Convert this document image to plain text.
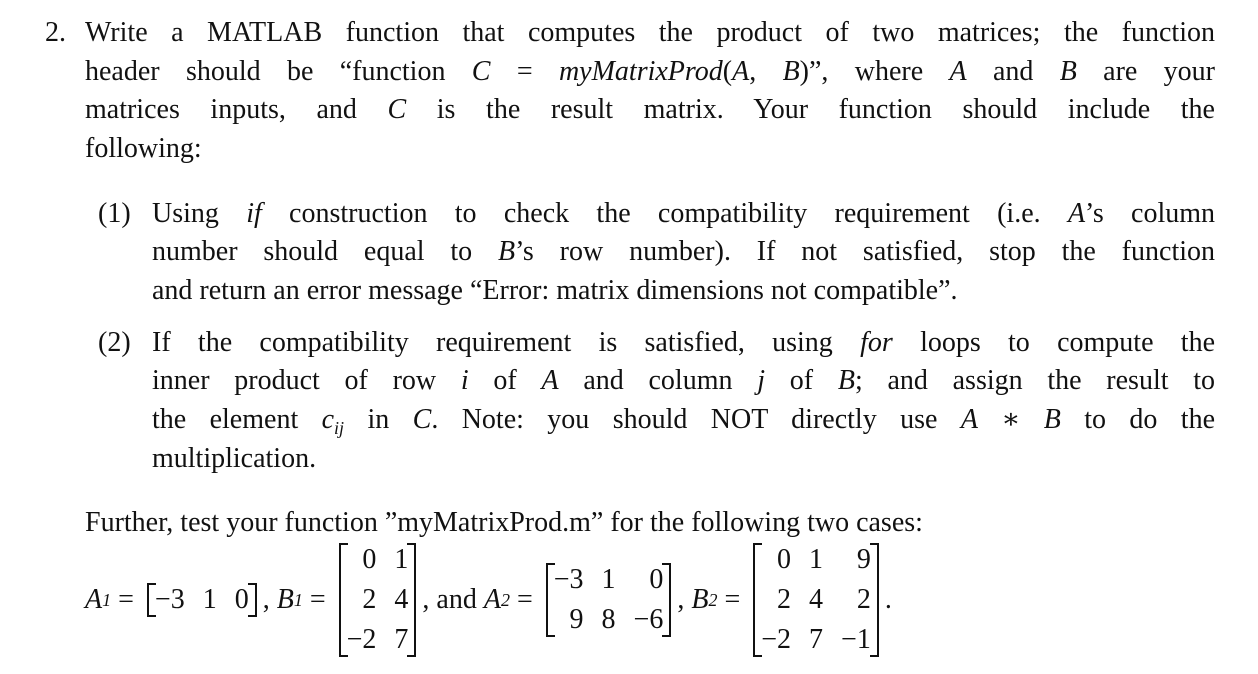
2. Write a MATLAB function that computes the product of two matrices; the function
header should be “function C = myMatrixProd(A, B)”, where A and B are your
matrices inputs, and C is the result matrix. Your function should include the
following:
(1) Using if construction to check the compatibility requirement (i.e. A’s column
number should equal to B’s row number). If not satisfied, stop the function
and return an error message “Error: matrix dimensions not compatible”.
(2) If the compatibility requirement is satisfied, using for loops to compute the
inner product of row i of A and column j of B; and assign the result to
the element $c_{ij}$ in C. Note: you should NOT directly use A ∗ B to do the
multiplication.
Further, test your function ”myMatrixProd.m” for the following two cases:
A 1 = −3 1 0 , B 1 =
0 1
2 4
−2 7
, and A 2 =
−3 1	0
9 8 −6
, B 2 =
0 1	9
2 4	2
−2 7 −1
.
